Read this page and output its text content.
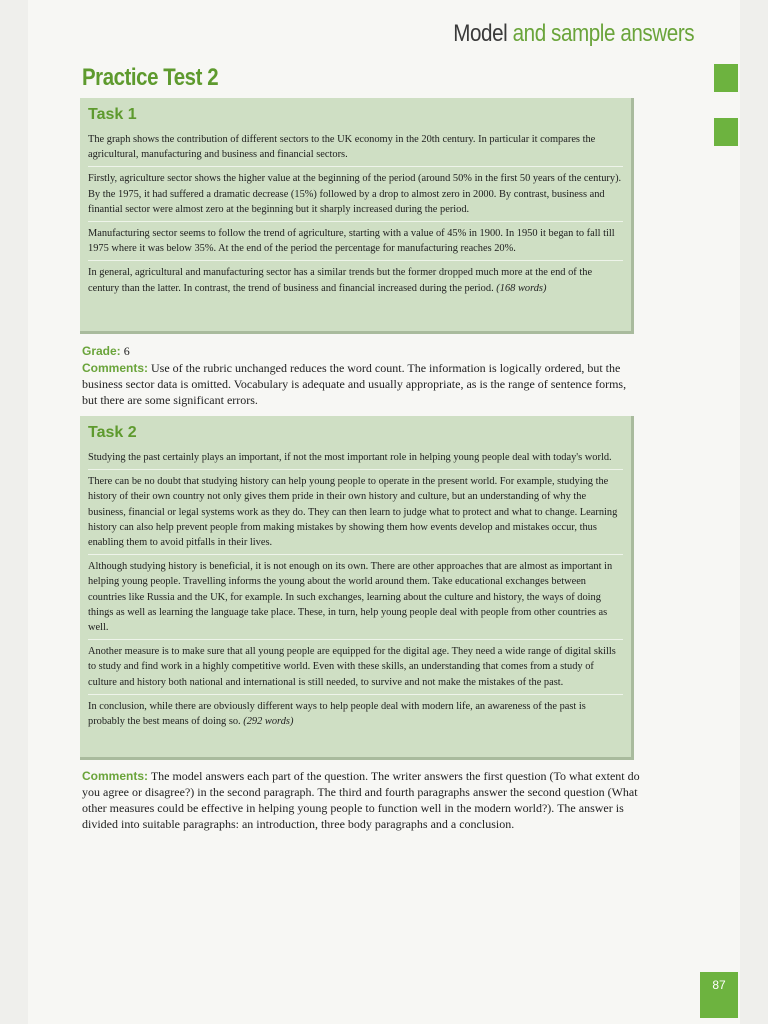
Model and sample answers
Practice Test 2
Task 1

The graph shows the contribution of different sectors to the UK economy in the 20th century. In particular it compares the agricultural, manufacturing and business and financial sectors.

Firstly, agriculture sector shows the higher value at the beginning of the period (around 50% in the first 50 years of the century). By the 1975, it had suffered a dramatic decrease (15%) followed by a drop to almost zero in 2000. By contrast, business and finantial sector were almost zero at the beginning but it sharply increased during the period.

Manufacturing sector seems to follow the trend of agriculture, starting with a value of 45% in 1900. In 1950 it began to fall till 1975 where it was below 35%. At the end of the period the percentage for manufacturing reaches 20%.

In general, agricultural and manufacturing sector has a similar trends but the former dropped much more at the end of the century than the latter. In contrast, the trend of business and financial increased during the period. (168 words)

Grade: 6
Comments: Use of the rubric unchanged reduces the word count. The information is logically ordered, but the business sector data is omitted. Vocabulary is adequate and usually appropriate, as is the range of sentence forms, but there are some significant errors.
Task 2

Studying the past certainly plays an important, if not the most important role in helping young people deal with today's world.

There can be no doubt that studying history can help young people to operate in the present world. For example, studying the history of their own country not only gives them pride in their own history and culture, but an understanding of why the business, financial or legal systems work as they do. They can then learn to judge what to protect and what to change. Learning history can also help prevent people from making mistakes by showing them how events develop and mistakes occur, thus enabling them to avoid pitfalls in their lives.

Although studying history is beneficial, it is not enough on its own. There are other approaches that are almost as important in helping young people. Travelling informs the young about the world around them. Take educational exchanges between countries like Russia and the UK, for example. In such exchanges, learning about the culture and history, the ways of doing things as well as learning the language take place. These, in turn, help young people deal with people from other countries as well.

Another measure is to make sure that all young people are equipped for the digital age. They need a wide range of digital skills to study and find work in a highly competitive world. Even with these skills, an understanding that comes from a study of culture and history both national and international is still needed, to survive and not make the mistakes of the past.

In conclusion, while there are obviously different ways to help people deal with modern life, an awareness of the past is probably the best means of doing so. (292 words)

Comments: The model answers each part of the question. The writer answers the first question (To what extent do you agree or disagree?) in the second paragraph. The third and fourth paragraphs answer the second question (What other measures could be effective in helping young people to function well in the modern world?). The answer is divided into suitable paragraphs: an introduction, three body paragraphs and a conclusion.
87
